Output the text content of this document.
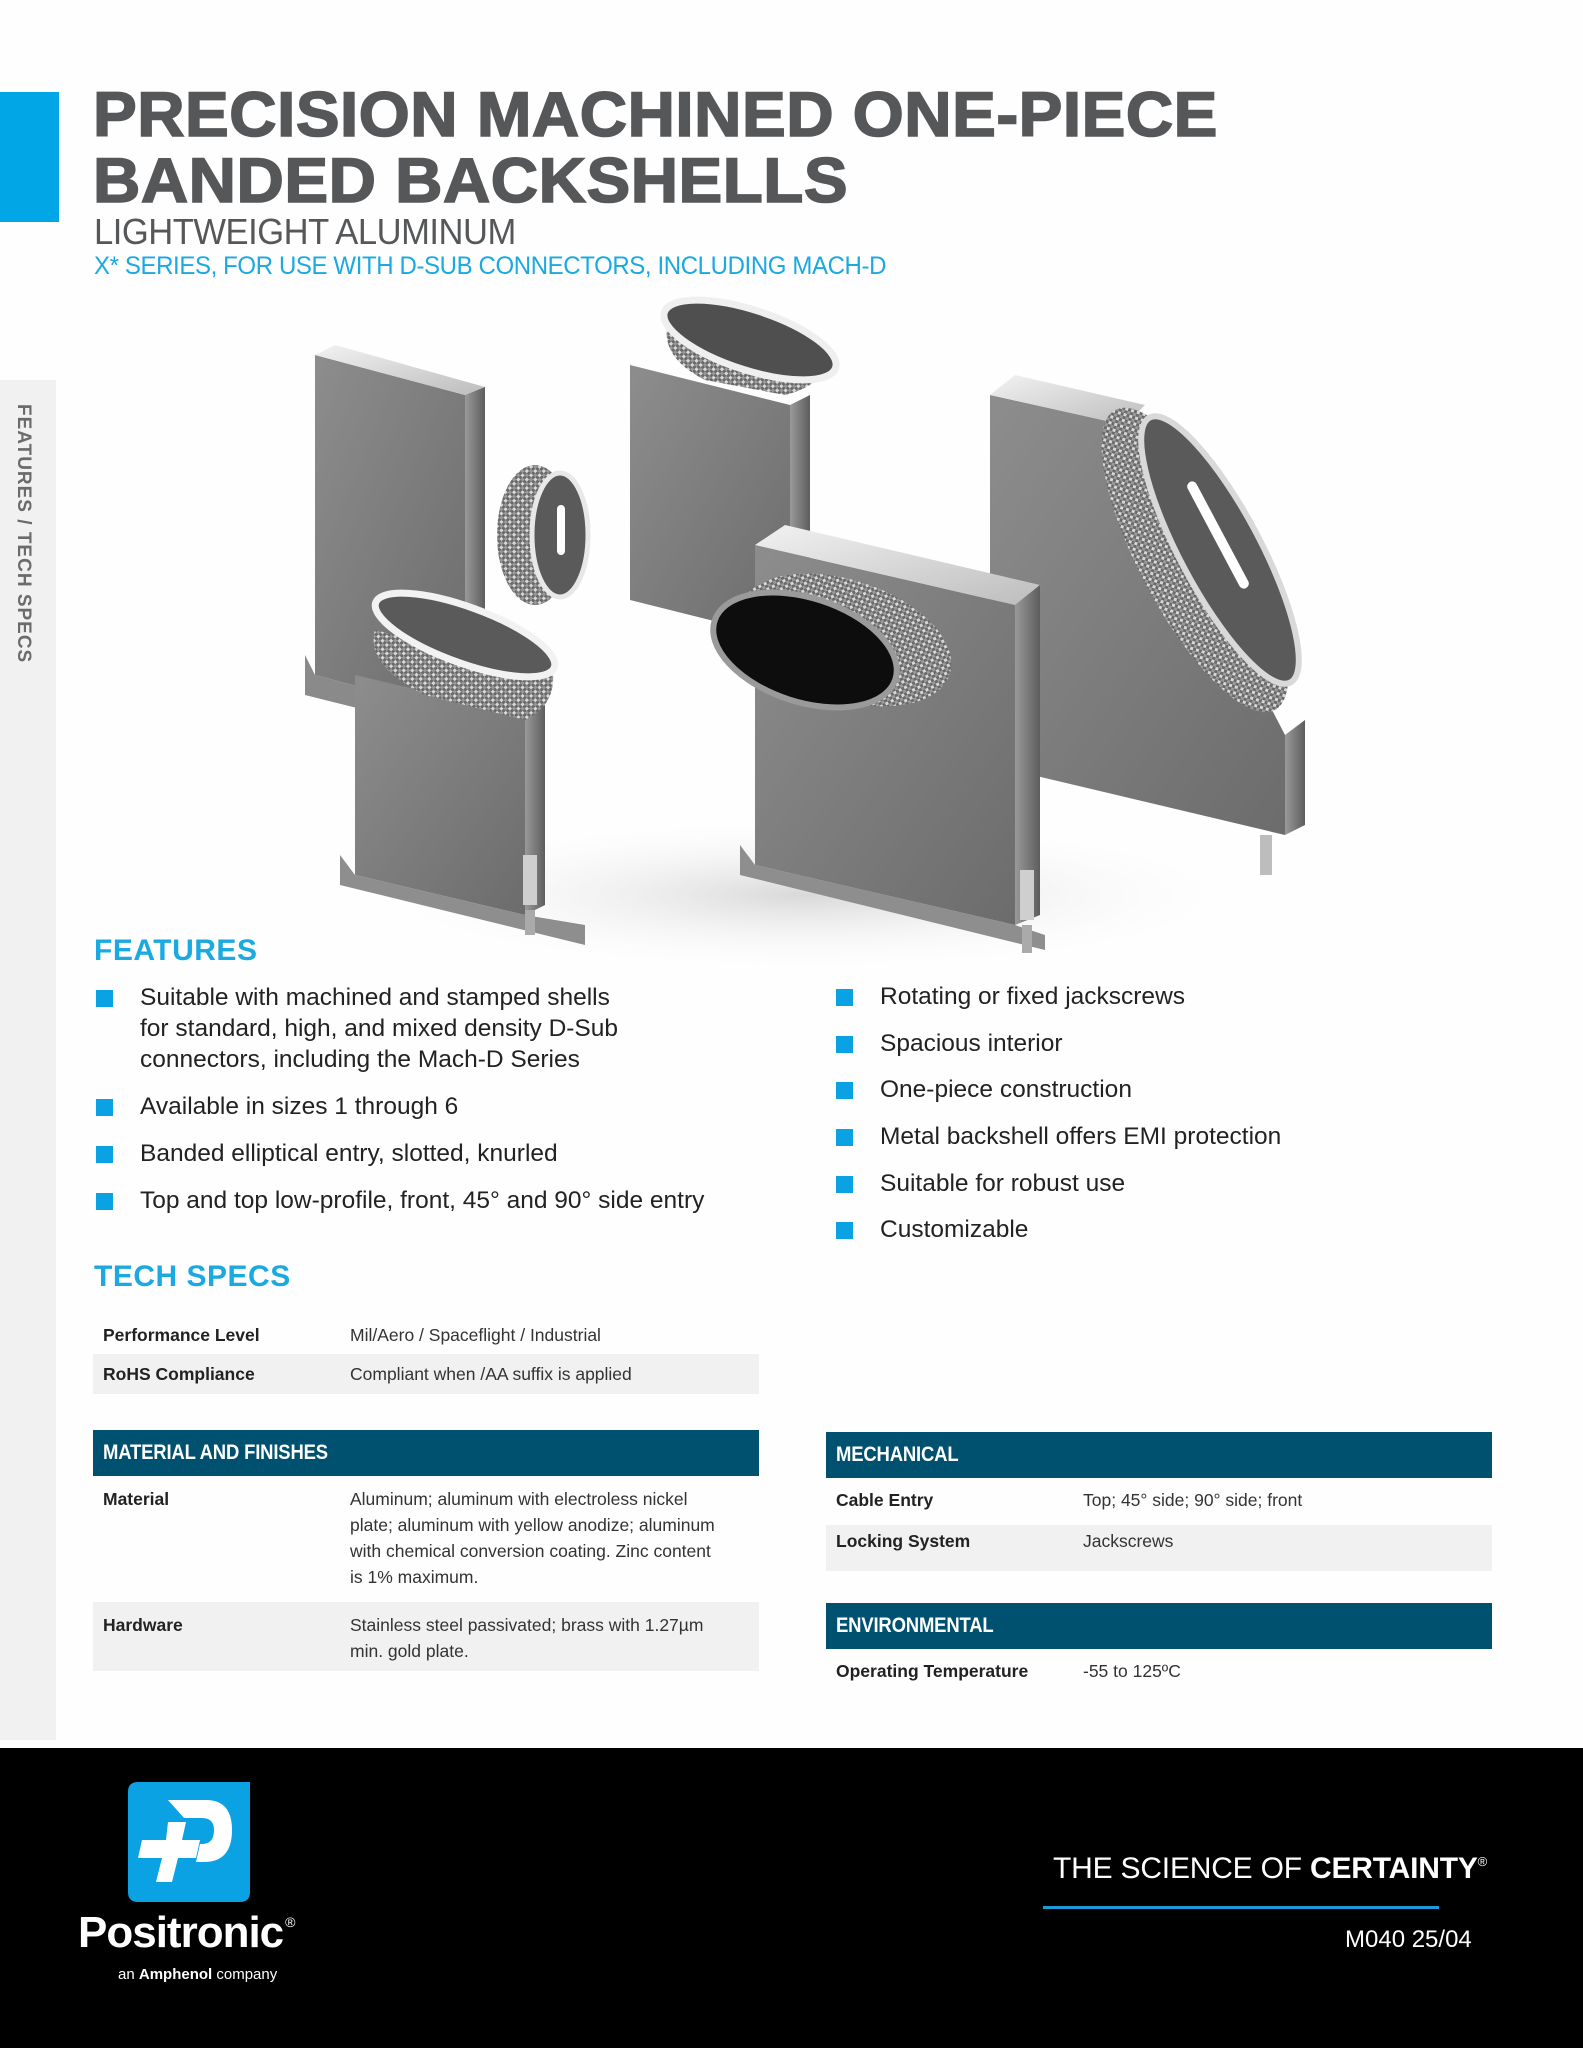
PRECISION MACHINED ONE-PIECE
BANDED BACKSHELLS
LIGHTWEIGHT ALUMINUM
X* SERIES, FOR USE WITH D-SUB CONNECTORS, INCLUDING MACH-D
FEATURES / TECH SPECS
FEATURES
Suitable with machined and stamped shells
for standard, high, and mixed density D-Sub
connectors, including the Mach-D Series
Available in sizes 1 through 6
Banded elliptical entry, slotted, knurled
Top and top low-profile, front, 45° and 90° side entry
Rotating or fixed jackscrews
Spacious interior
One-piece construction
Metal backshell offers EMI protection
Suitable for robust use
Customizable
TECH SPECS
Performance Level	Mil/Aero / Spaceflight / Industrial
RoHS Compliance	Compliant when /AA suffix is applied
MATERIAL AND FINISHES
Material	Aluminum; aluminum with electroless nickel
plate; aluminum with yellow anodize; aluminum
with chemical conversion coating. Zinc content
is 1% maximum.
Hardware	Stainless steel passivated; brass with 1.27µm
min. gold plate.
MECHANICAL
Cable Entry	Top; 45° side; 90° side; front
Locking System	Jackscrews
ENVIRONMENTAL
Operating Temperature	-55 to 125ºC
Positronic ®
an Amphenol company
THE SCIENCE OF CERTAINTY®
M040 25/04
